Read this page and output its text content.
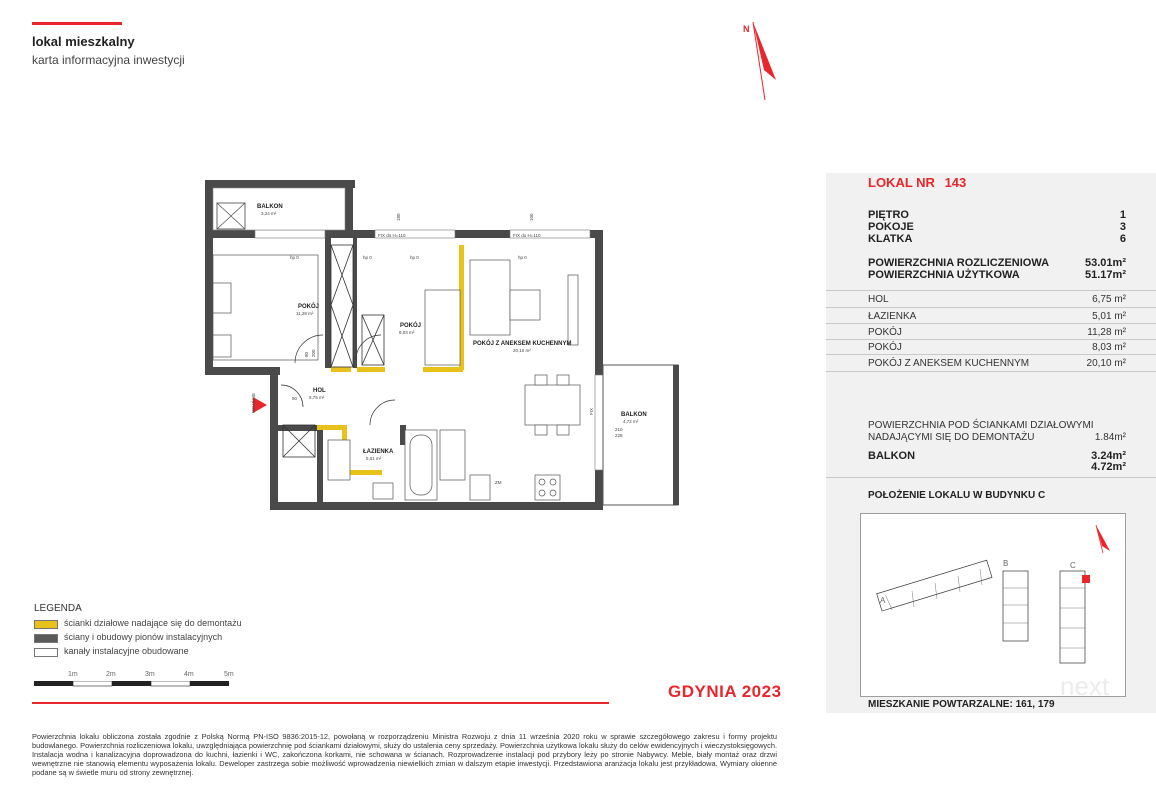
lokal mieszkalny
karta informacyjna inwestycji
N
BALKON
3,24 m²
POKÓJ
11,28 m²
POKÓJ
8,03 m²
POKÓJ Z ANEKSEM KUCHENNYM
20,10 m²
HOL
6,75 m²
ŁAZIENKA
5,01 m²
BALKON
4,72 m²
FIX do H=110	FIX do H=110
FIX
ZM
WEJŚCIE
hp 0	hp 0	hp 0	hp 0
80 200
90
180
228
210
100
LOKAL NR 143
PIĘTRO	1
POKOJE	3
KLATKA	6
POWIERZCHNIA ROZLICZENIOWA	53.01m²
POWIERZCHNIA UŻYTKOWA	51.17m²
HOL	6,75 m²
ŁAZIENKA	5,01 m²
POKÓJ	11,28 m²
POKÓJ	8,03 m²
POKÓJ Z ANEKSEM KUCHENNYM	20,10 m²
POWIERZCHNIA POD ŚCIANKAMI DZIAŁOWYMI
NADAJĄCYMI SIĘ DO DEMONTAŻU	1.84m²
BALKON	3.24m²
4.72m²
POŁOŻENIE LOKALU W BUDYNKU C
A
B	C
next
MIESZKANIE POWTARZALNE: 161, 179
LEGENDA
ścianki działowe nadające się do demontażu
ściany i obudowy pionów instalacyjnych
kanały instalacyjne obudowane
1m	2m	3m	4m	5m
GDYNIA 2023
Powierzchnia lokalu obliczona została zgodnie z Polską Normą PN-ISO 9836:2015-12, powołaną w rozporządzeniu Ministra Rozwoju z dnia 11 września 2020 roku w sprawie szczegółowego zakresu i formy projektu budowlanego. Powierzchnia rozliczeniowa lokalu, uwzględniająca powierzchnię pod ściankami działowymi, służy do ustalenia ceny sprzedaży. Powierzchnia użytkowa lokalu służy do celów ewidencyjnych i wieczystoksięgowych. Instalacja wodna i kanalizacyjna doprowadzona do kuchni, łazienki i WC, zakończona korkami, nie schowana w ścianach. Rozprowadzenie instalacji pod przybory leży po stronie Nabywcy. Meble, biały montaż oraz drzwi wewnętrzne nie stanowią elementu wyposażenia lokalu. Deweloper zastrzega sobie możliwość wprowadzenia niewielkich zmian w dalszym etapie inwestycji. Przedstawiona aranżacja lokalu jest przykładowa. Wymiary okienne podane są w świetle muru od strony zewnętrznej.
